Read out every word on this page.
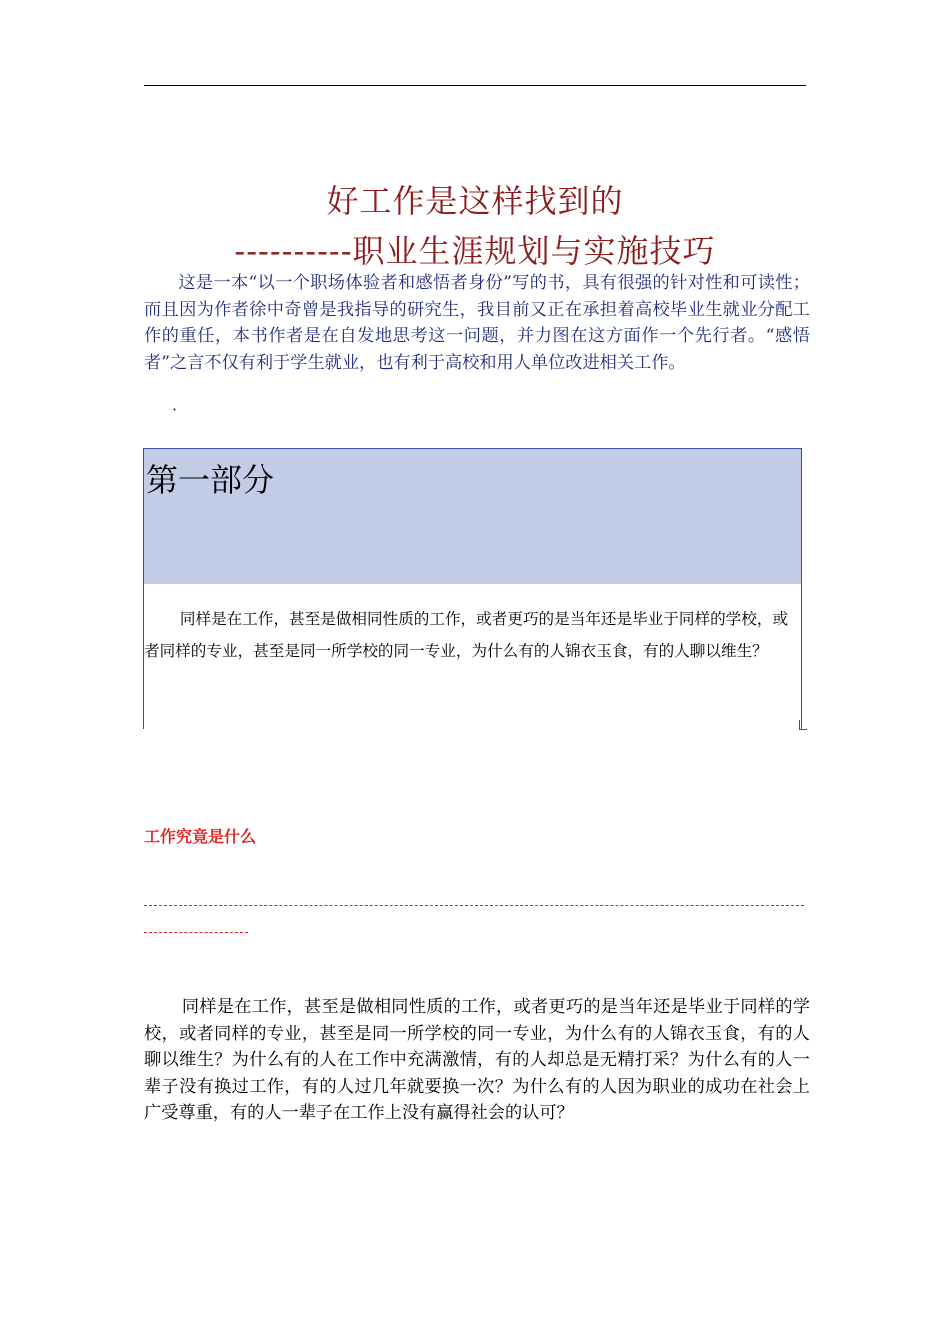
好工作是这样找到的
----------职业生涯规划与实施技巧

这是一本“以一个职场体验者和感悟者身份”写的书，具有很强的针对性和可读性；而且因为作者徐中奇曾是我指导的研究生，我目前又正在承担着高校毕业生就业分配工作的重任，本书作者是在自发地思考这一问题，并力图在这方面作一个先行者。“感悟者”之言不仅有利于学生就业，也有利于高校和用人单位改进相关工作。

·
第一部分

同样是在工作，甚至是做相同性质的工作，或者更巧的是当年还是毕业于同样的学校，或者同样的专业，甚至是同一所学校的同一专业，为什么有的人锦衣玉食，有的人聊以维生？

工作究竟是什么

同样是在工作，甚至是做相同性质的工作，或者更巧的是当年还是毕业于同样的学校，或者同样的专业，甚至是同一所学校的同一专业，为什么有的人锦衣玉食，有的人聊以维生？为什么有的人在工作中充满激情，有的人却总是无精打采？为什么有的人一辈子没有换过工作，有的人过几年就要换一次？为什么有的人因为职业的成功在社会上广受尊重，有的人一辈子在工作上没有赢得社会的认可？
